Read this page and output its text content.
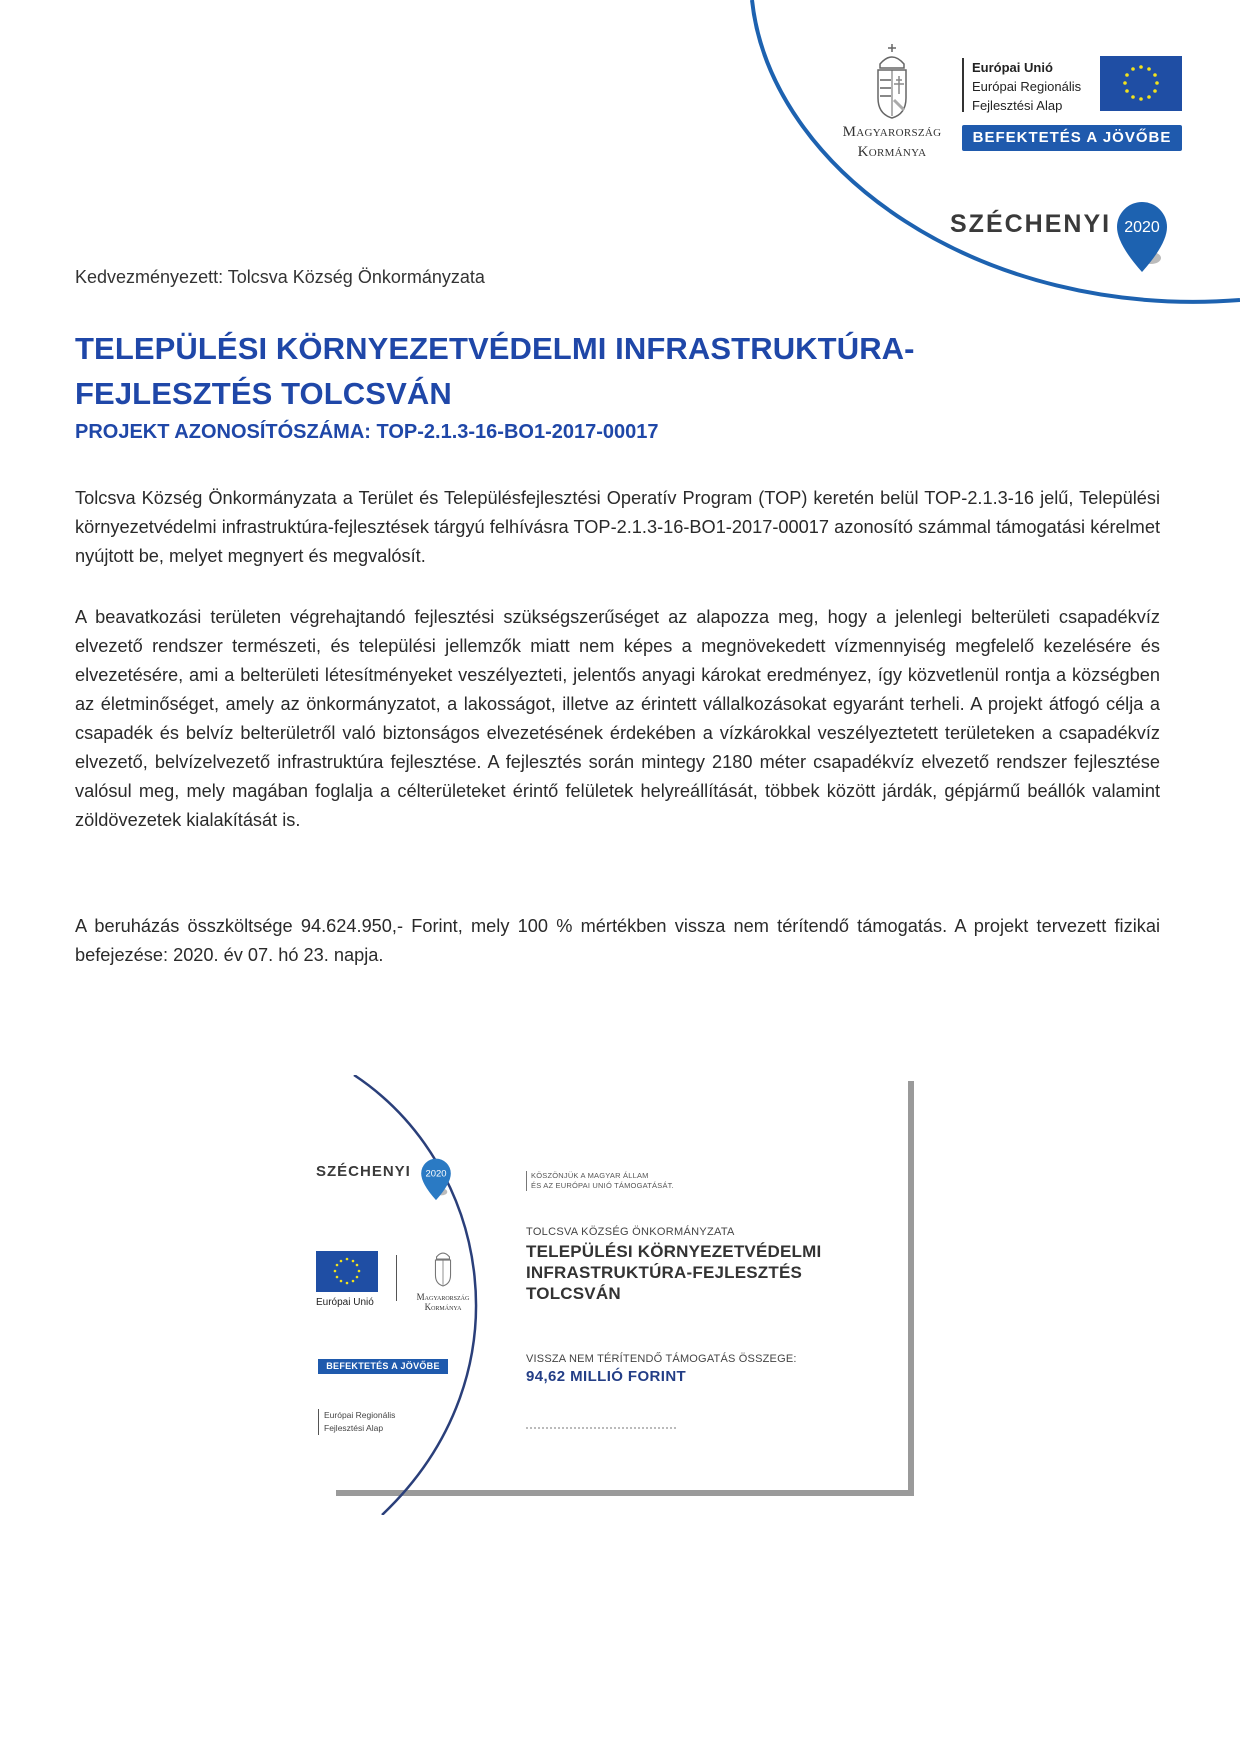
Magyarország
Kormánya
Európai Unió
Európai Regionális
Fejlesztési Alap
BEFEKTETÉS A JÖVŐBE
SZÉCHENYI 2020
Kedvezményezett: Tolcsva Község Önkormányzata
TELEPÜLÉSI KÖRNYEZETVÉDELMI INFRASTRUKTÚRA-
FEJLESZTÉS TOLCSVÁN
PROJEKT AZONOSÍTÓSZÁMA: TOP-2.1.3-16-BO1-2017-00017

Tolcsva Község Önkormányzata a Terület és Településfejlesztési Operatív Program (TOP) keretén belül TOP-2.1.3-16 jelű, Települési környezetvédelmi infrastruktúra-fejlesztések tárgyú felhívásra TOP-2.1.3-16-BO1-2017-00017 azonosító számmal támogatási kérelmet nyújtott be, melyet megnyert és megvalósít.

A beavatkozási területen végrehajtandó fejlesztési szükségszerűséget az alapozza meg, hogy a jelenlegi belterületi csapadékvíz elvezető rendszer természeti, és települési jellemzők miatt nem képes a megnövekedett vízmennyiség megfelelő kezelésére és elvezetésére, ami a belterületi létesítményeket veszélyezteti, jelentős anyagi károkat eredményez, így közvetlenül rontja a községben az életminőséget, amely az önkormányzatot, a lakosságot, illetve az érintett vállalkozásokat egyaránt terheli. A projekt átfogó célja a csapadék és belvíz belterületről való biztonságos elvezetésének érdekében a vízkárokkal veszélyeztetett területeken a csapadékvíz elvezető, belvízelvezető infrastruktúra fejlesztése. A fejlesztés során mintegy 2180 méter csapadékvíz elvezető rendszer fejlesztése valósul meg, mely magában foglalja a célterületeket érintő felületek helyreállítását, többek között járdák, gépjármű beállók valamint zöldövezetek kialakítását is.

A beruházás összköltsége 94.624.950,- Forint, mely 100 % mértékben vissza nem térítendő támogatás. A projekt tervezett fizikai befejezése: 2020. év 07. hó 23. napja.

SZÉCHENYI 2020
Európai Unió	Magyarország
Kormánya
BEFEKTETÉS A JÖVŐBE
Európai Regionális
Fejlesztési Alap
KÖSZÖNJÜK A MAGYAR ÁLLAM
ÉS AZ EURÓPAI UNIÓ TÁMOGATÁSÁT.
TOLCSVA KÖZSÉG ÖNKORMÁNYZATA
TELEPÜLÉSI KÖRNYEZETVÉDELMI
INFRASTRUKTÚRA-FEJLESZTÉS
TOLCSVÁN
VISSZA NEM TÉRÍTENDŐ TÁMOGATÁS ÖSSZEGE:
94,62 MILLIÓ FORINT
